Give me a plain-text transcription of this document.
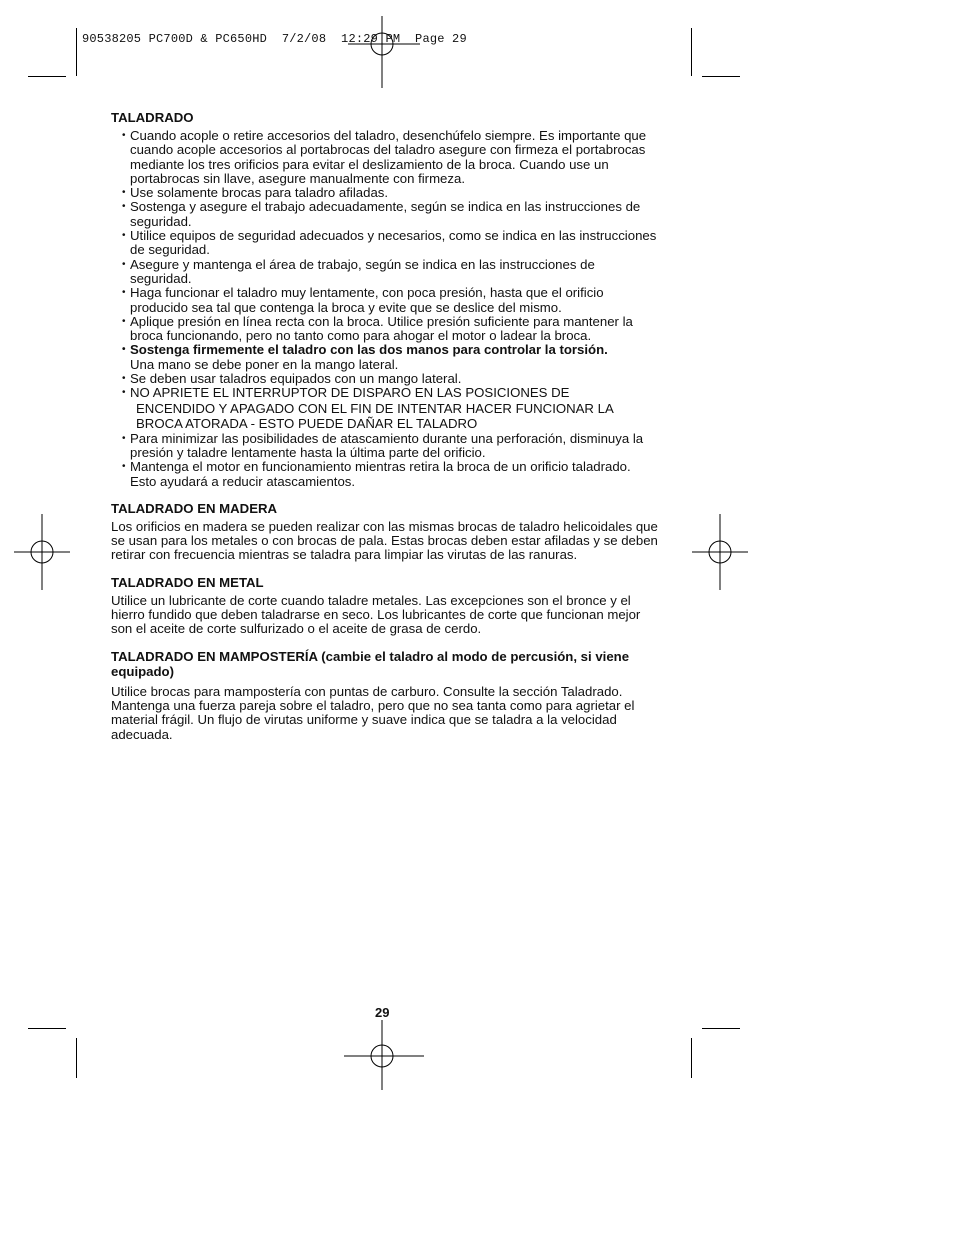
90538205 PC700D & PC650HD  7/2/08  12:29 PM  Page 29
TALADRADO
• Cuando acople o retire accesorios del taladro, desenchúfelo siempre. Es importante que cuando acople accesorios al portabrocas del taladro asegure con firmeza el portabrocas mediante los tres orificios para evitar el deslizamiento de la broca. Cuando use un portabrocas sin llave, asegure manualmente con firmeza.
• Use solamente brocas para taladro afiladas.
• Sostenga y asegure el trabajo adecuadamente, según se indica en las instrucciones de seguridad.
• Utilice equipos de seguridad adecuados y necesarios, como se indica en las instrucciones de seguridad.
• Asegure y mantenga el área de trabajo, según se indica en las instrucciones de seguridad.
• Haga funcionar el taladro muy lentamente, con poca presión, hasta que el orificio producido sea tal que contenga la broca y evite que se deslice del mismo.
• Aplique presión en línea recta con la broca. Utilice presión suficiente para mantener la broca funcionando, pero no tanto como para ahogar el motor o ladear la broca.
• Sostenga firmemente el taladro con las dos manos para controlar la torsión.
Una mano se debe poner en la mango lateral.
• Se deben usar taladros equipados con un mango lateral.
• NO APRIETE EL INTERRUPTOR DE DISPARO EN LAS POSICIONES DE
ENCENDIDO Y APAGADO CON EL FIN DE INTENTAR HACER FUNCIONAR LA BROCA ATORADA - ESTO PUEDE DAÑAR EL TALADRO
• Para minimizar las posibilidades de atascamiento durante una perforación, disminuya la presión y taladre lentamente hasta la última parte del orificio.
• Mantenga el motor en funcionamiento mientras retira la broca de un orificio taladrado. Esto ayudará a reducir atascamientos.
TALADRADO EN MADERA

Los orificios en madera se pueden realizar con las mismas brocas de taladro helicoidales que se usan para los metales o con brocas de pala. Estas brocas deben estar afiladas y se deben retirar con frecuencia mientras se taladra para limpiar las virutas de las ranuras.

TALADRADO EN METAL

Utilice un lubricante de corte cuando taladre metales. Las excepciones son el bronce y el hierro fundido que deben taladrarse en seco. Los lubricantes de corte que funcionan mejor son el aceite de corte sulfurizado o el aceite de grasa de cerdo.

TALADRADO EN MAMPOSTERÍA (cambie el taladro al modo de percusión, si viene equipado)

Utilice brocas para mampostería con puntas de carburo. Consulte la sección Taladrado. Mantenga una fuerza pareja sobre el taladro, pero que no sea tanta como para agrietar el material frágil. Un flujo de virutas uniforme y suave indica que se taladra a la velocidad adecuada.

29
